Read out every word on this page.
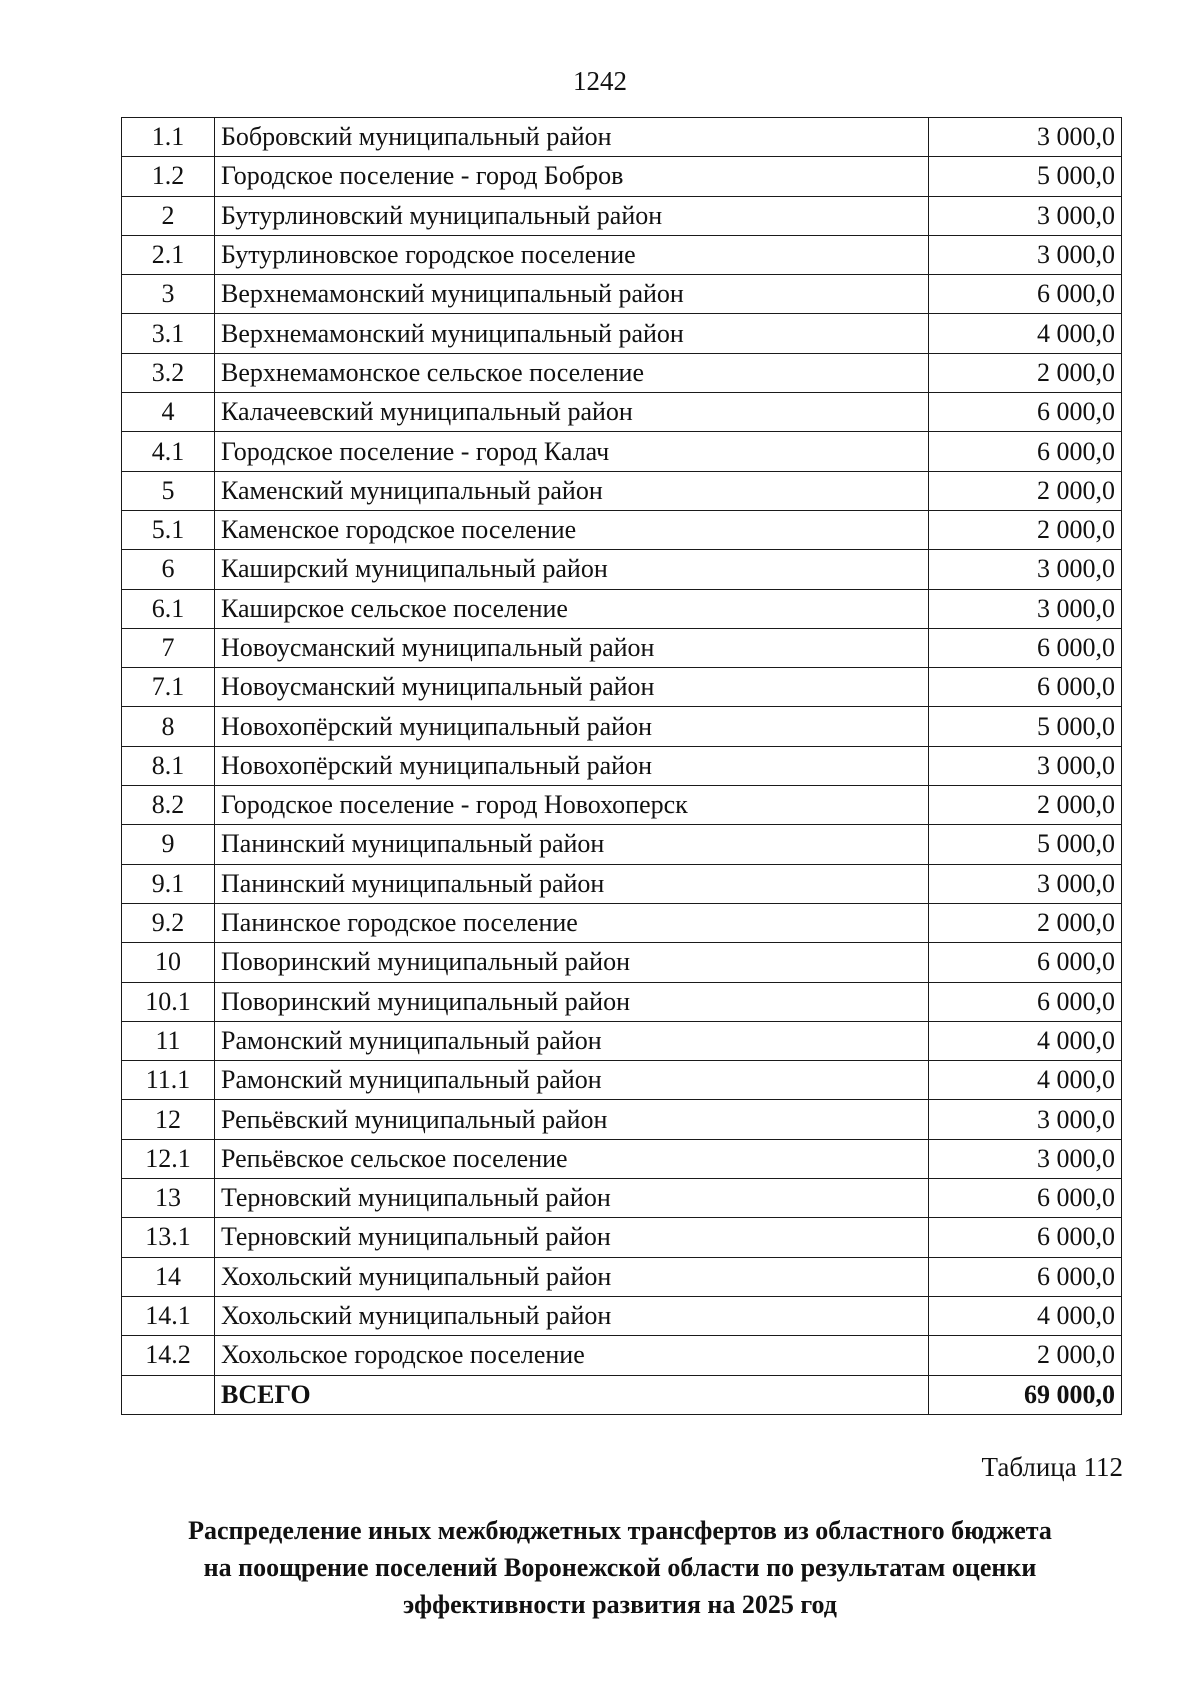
1242
1.1	Бобровский муниципальный район	3 000,0
1.2	Городское поселение - город Бобров	5 000,0
2	Бутурлиновский муниципальный район	3 000,0
2.1	Бутурлиновское городское поселение	3 000,0
3	Верхнемамонский муниципальный район	6 000,0
3.1	Верхнемамонский муниципальный район	4 000,0
3.2	Верхнемамонское сельское поселение	2 000,0
4	Калачеевский муниципальный район	6 000,0
4.1	Городское поселение - город Калач	6 000,0
5	Каменский муниципальный район	2 000,0
5.1	Каменское городское поселение	2 000,0
6	Каширский муниципальный район	3 000,0
6.1	Каширское сельское поселение	3 000,0
7	Новоусманский муниципальный район	6 000,0
7.1	Новоусманский муниципальный район	6 000,0
8	Новохопёрский муниципальный район	5 000,0
8.1	Новохопёрский муниципальный район	3 000,0
8.2	Городское поселение - город Новохоперск	2 000,0
9	Панинский муниципальный район	5 000,0
9.1	Панинский муниципальный район	3 000,0
9.2	Панинское городское поселение	2 000,0
10	Поворинский муниципальный район	6 000,0
10.1	Поворинский муниципальный район	6 000,0
11	Рамонский муниципальный район	4 000,0
11.1	Рамонский муниципальный район	4 000,0
12	Репьёвский муниципальный район	3 000,0
12.1	Репьёвское сельское поселение	3 000,0
13	Терновский муниципальный район	6 000,0
13.1	Терновский муниципальный район	6 000,0
14	Хохольский муниципальный район	6 000,0
14.1	Хохольский муниципальный район	4 000,0
14.2	Хохольское городское поселение	2 000,0
	ВСЕГО	69 000,0
Таблица 112
Распределение иных межбюджетных трансфертов из областного бюджета
на поощрение поселений Воронежской области по результатам оценки
эффективности развития на 2025 год
